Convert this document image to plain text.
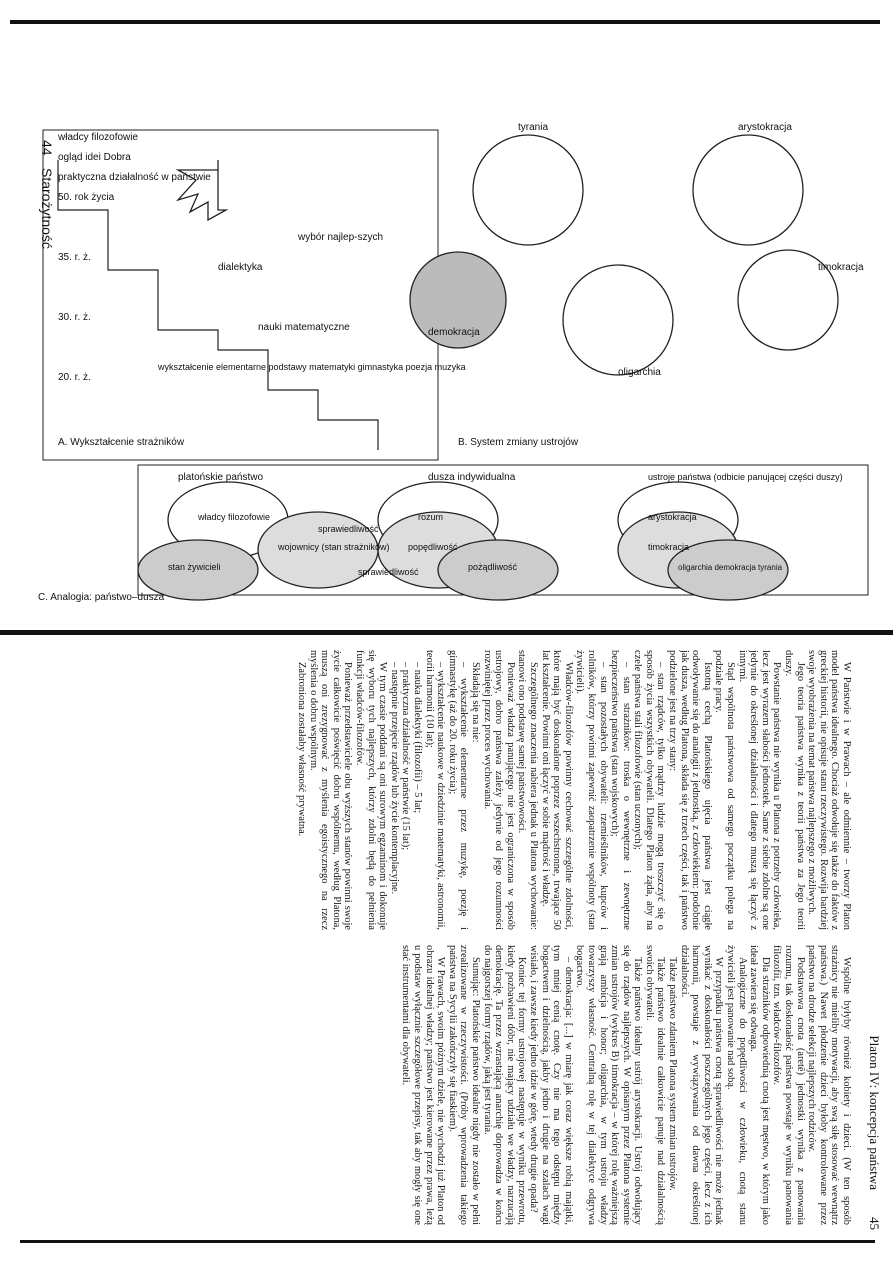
44
Starożytność
władcy filozofowie
ogląd idei Dobra
praktyczna działalność w państwie
50. rok życia
35. r. ż.
30. r. ż.
20. r. ż.
dialektyka
wybór najlep-szych
nauki matematyczne
wykształcenie elementarne podstawy matematyki gimnastyka poezja muzyka
A. Wykształcenie strażników
tyrania	arystokracja
timokracja
oligarchia
demokracja
B. System zmiany ustrojów
platońskie państwo	dusza indywidualna	ustroje państwa (odbicie panującej części duszy)
sprawiedliwość
sprawiedliwość
władcy filozofowie
wojownicy (stan strażników)
stan żywicieli
rozum
popędliwość
pożądliwość
arystokracja
timokracja
oligarchia demokracja tyrania
C. Analogia: państwo–dusza
Platon IV: koncepcja państwa
45

W Państwie i w Prawach – ale odmiennie – tworzy Platon model państwa idealnego. Chociaż odwołuje się także do faktów z greckiej historii, nie opisuje stanu rzeczywistego. Rozwija bardziej swoje wyobrażenia na temat państwa najlepszego z możliwych.

Jego teoria państwa wynika z teorii państwa za Jego teorii duszy.

Powstanie państwa nie wynika u Platona z potrzeby człowieka, lecz jest wyrazem słabości jednostek. Same z siebie zdolne są one jedynie do określonej działalności i dlatego muszą się łączyć z innymi.

Stąd wspólnota państwowa od samego początku polega na podziale pracy.

Istotną cechą Platońskiego ujęcia państwa jest ciągłe odwoływanie się do analogii z jednostką, z człowiekiem: podobnie jak dusza, według Platona, składa się z trzech części, tak i państwo podzielone jest na trzy stany:

– stan rządców, tylko mądrzy ludzie mogą troszczyć się o sposób życia wszystkich obywateli. Dlatego Platon żąda, aby na czele państwa stali filozofowie (stan uczonych);

– stan strażników: troska o wewnętrzne i zewnętrzne bezpieczeństwo państwa (stan wojskowych);

– stan pozostałych obywateli: rzemieślników, kupców i rolników, którzy powinni zapewnić zaopatrzenie wspólnoty (stan żywicieli).

Władców-filozofów powinny cechować szczególne zdolności, które mają być doskonalone poprzez wszechstronne, trwające 50 lat kształcenie. Powinni oni łączyć w sobie mądrość i władzę.

Szczególnego znaczenia nabiera jednak u Platona wychowanie: stanowi ono podstawę samej państwowości.

Ponieważ władza panującego nie jest ograniczona w sposób ustrojowy, dobro państwa zależy jedynie od jego rozumności rozwiniętej przez proces wychowania.

Składają się na nie:

– wykształcenie elementarne przez muzykę, poezję i gimnastykę (aż do 20. roku życia);

– wykształcenie naukowe w dziedzinie matematyki, astronomii, teorii harmonii (10 lat);

– nauka dialektyki (filozofii) – 5 lat;

– praktyczna działalność w państwie (15 lat);

– następnie przejęcie rządów lub życie kontemplacyjne.

W tym czasie poddani są oni surowym egzaminom i dokonuje się wyboru tych najlepszych, którzy zdolni będą do pełnienia funkcji władców-filozofów.

Ponieważ przedstawiciele obu wyższych stanów powinni swoje życie całkowicie poświęcić dobru wspólnemu, według Platona, muszą oni zrezygnować z myślenia egoistycznego na rzecz myślenia o dobru wspólnym.

Zabroniona zostałaby własność prywatna.

Wspólne byłyby również kobiety i dzieci. (W ten sposób strażnicy nie mieliby motywacji, aby swą siłę stosować wewnątrz państwa.) Nawet płodzenie dzieci byłoby kontrolowane przez państwo na drodze selekcji najlepszych rodziców.

Podstawowa cnota (aretē) jednostki wynika z panowania rozumu, tak doskonałość państwa powstaje w wyniku panowania filozofii, tzn. władców-filozofów.

Dla strażników odpowiednią cnotą jest męstwo, w którym jako ideał zawiera się odwaga.

Analogiczne do popędliwości w człowieku, cnotą stanu żywicieli jest panowanie nad sobą.

W przypadku państwa cnotą sprawiedliwości nie może jednak wynikać z doskonałości poszczególnych jego części, lecz z ich harmonii, powstaje z wywiązywania od dawna określonej działalności.

Także państwo zdaniem Platona system zmian ustrojów.

Także państwo idealnie całkowicie panuje nad działalnością swoich obywateli.

Także państwo idealny ustrój arystokracji. Ustrój odwołujący się do rządów najlepszych. W opisanym przez Platona systemie zmian ustrojów (wykres B) timokracja – w której rolę ważniejszą grają ambicja i honor; oligarchia, w tym ustroju władzy towarzyszy własność. Centralną rolę w tej dialektyce odgrywa bogactwo.

– demokracja: [...] w miarę jak coraz większe robią majątki, tym mniej cenią cnotę. Czy nie ma tego odstępu między bogactwem i dzielnością, jakby jedno i drugie na szalach wagi wisiało, i zawsze kiedy jedno idzie w górę, wtedy drugie opada?

Koniec tej formy ustrojowej następuje w wyniku przewrotu, kiedy pozbawieni dóbr, nie mający udziału we władzy, narzucają demokrację. Ta przez wzrastającą anarchię doprowadza w końcu do najgorszej formy rządów, jaką jest tyrania.

Sumując: Platońskie państwo idealne nigdy nie zostało w pełni zrealizowane w rzeczywistości. (Próby wprowadzenia takiego państwa na Sycylii zakończyły się fiaskiem).

W Prawach, swoim późnym dziele, nie wychodzi już Platon od obrazu idealnej władzy; państwo jest kierowane przez prawa, leżą u podstaw wyłącznie szczegółowe przepisy, tak aby mogły się one stać instrumentami dla obywateli.
